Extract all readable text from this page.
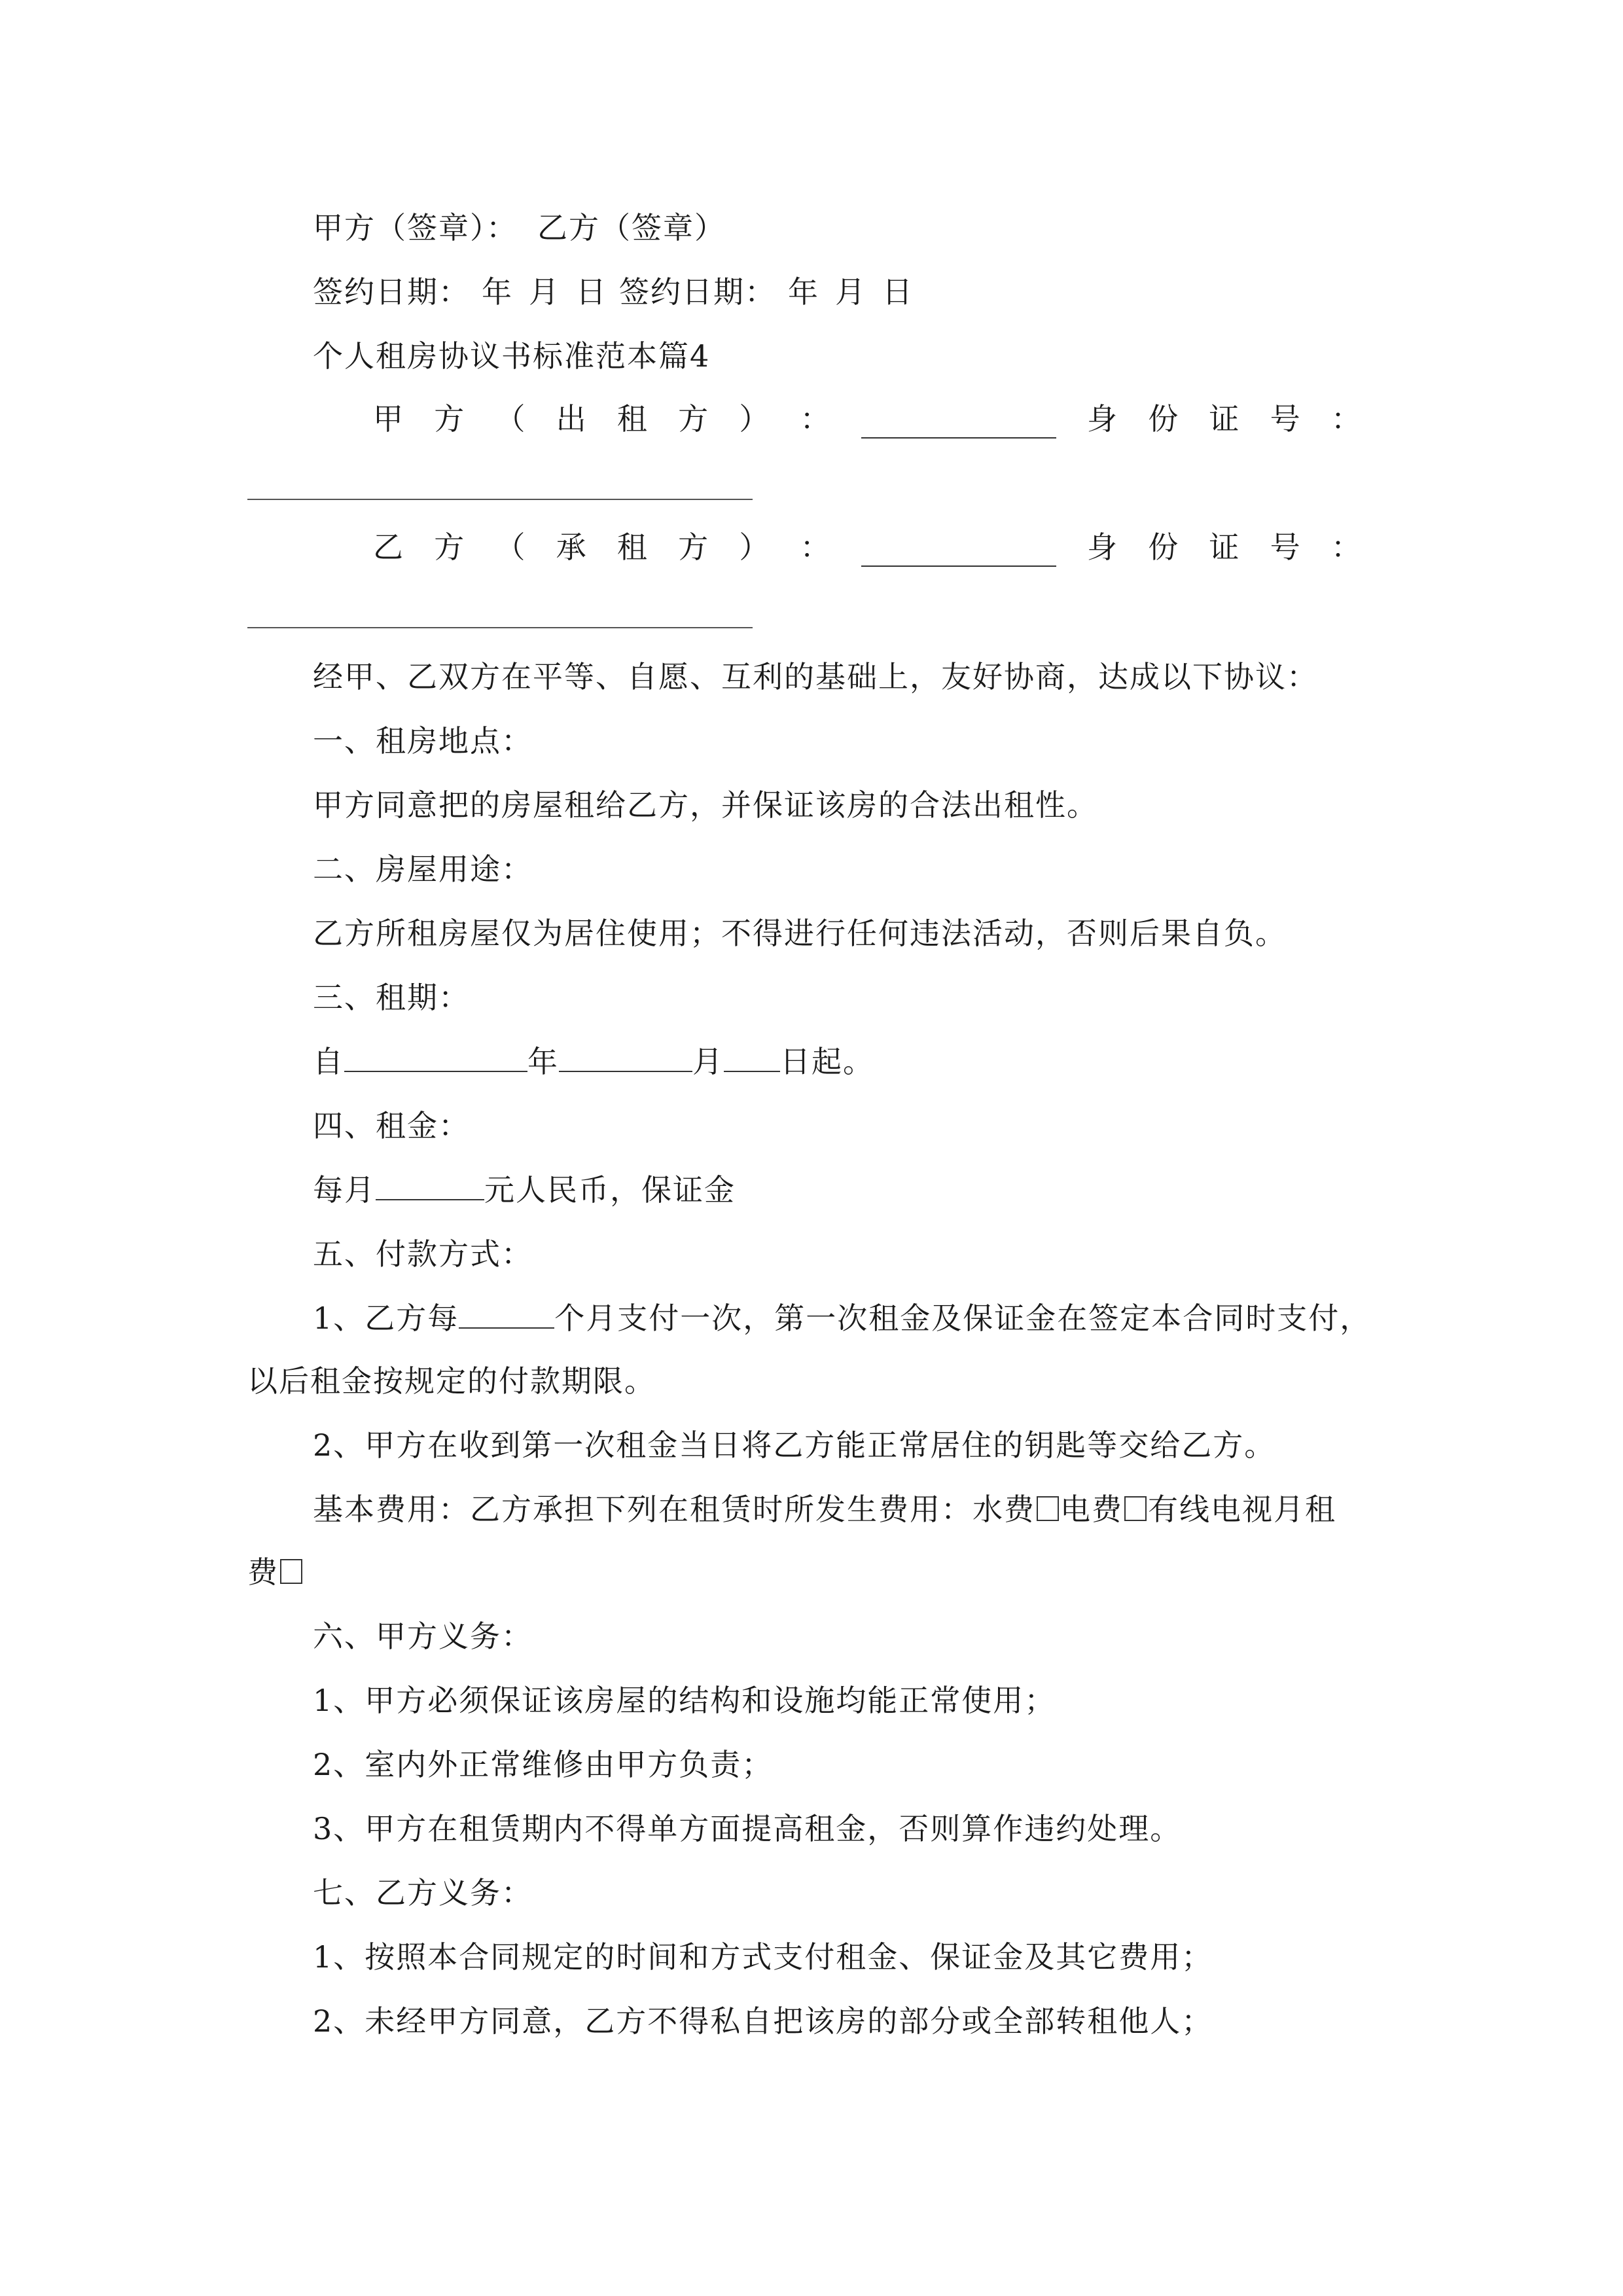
甲方（签章）： 乙方（签章）
签约日期： 年 月 日 签约日期： 年 月 日
个人租房协议书标准范本篇4
甲 方 （ 出 租 方 ） ：	身 份 证 号 ：
乙 方 （ 承 租 方 ） ：	身 份 证 号 ：
经甲、乙双方在平等、自愿、互利的基础上，友好协商，达成以下协议：
一、租房地点：
甲方同意把的房屋租给乙方，并保证该房的合法出租性。
二、房屋用途：
乙方所租房屋仅为居住使用；不得进行任何违法活动，否则后果自负。
三、租期：
自	年	月 日起。
四、租金：
每月	元人民币，保证金
五、付款方式：
1、乙方每	个月支付一次，第一次租金及保证金在签定本合同时支付，
以后租金按规定的付款期限。
2、甲方在收到第一次租金当日将乙方能正常居住的钥匙等交给乙方。
基本费用：乙方承担下列在租赁时所发生费用：水费 电费 有线电视月租
费
六、甲方义务：
1、甲方必须保证该房屋的结构和设施均能正常使用；
2、室内外正常维修由甲方负责；
3、甲方在租赁期内不得单方面提高租金，否则算作违约处理。
七、乙方义务：
1、按照本合同规定的时间和方式支付租金、保证金及其它费用；
2、未经甲方同意，乙方不得私自把该房的部分或全部转租他人；
